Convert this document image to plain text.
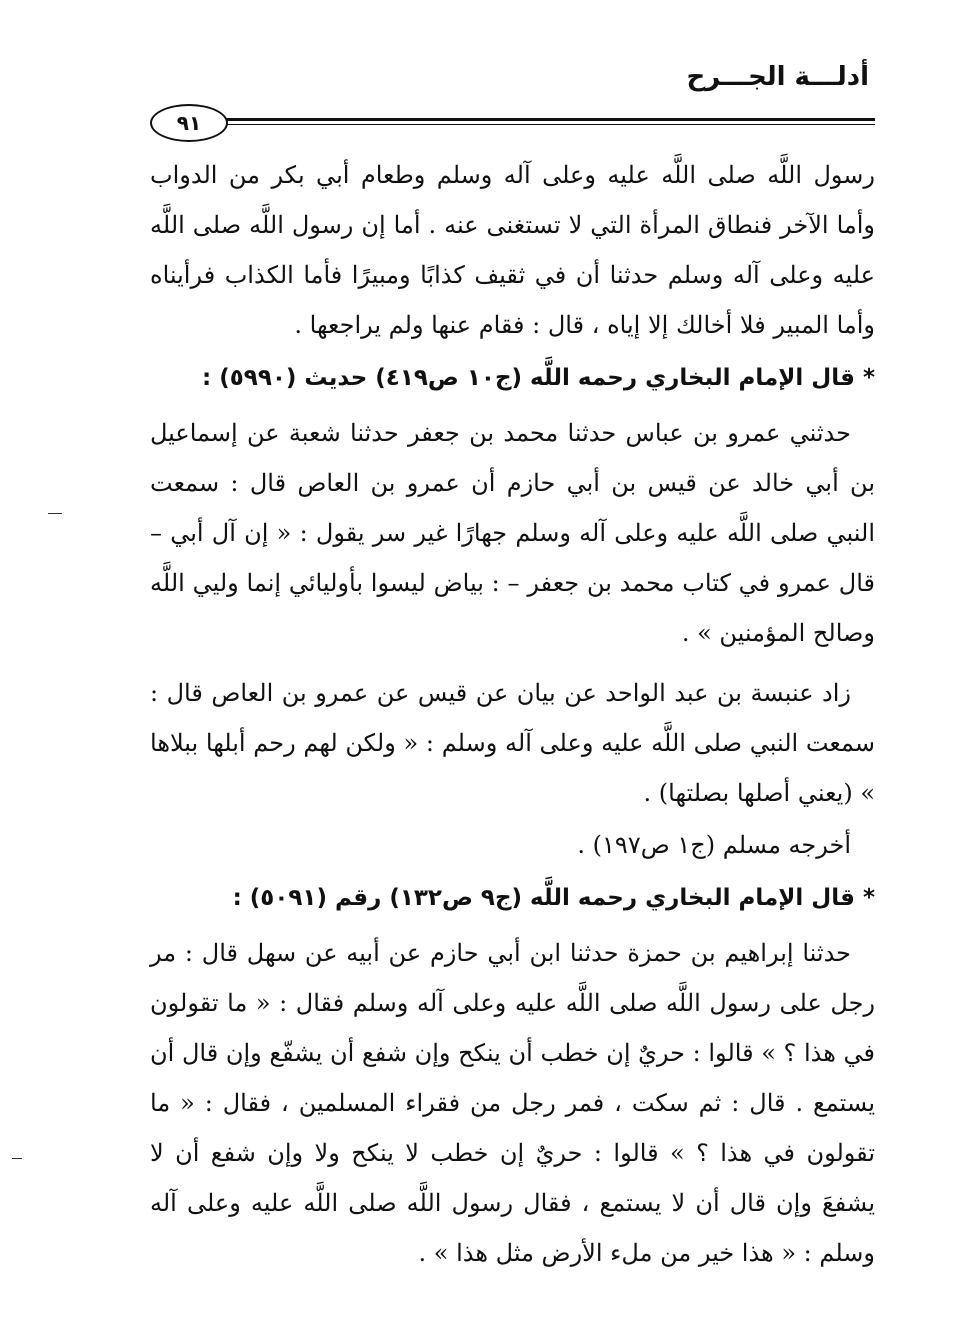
أدلـــة الجـــرح
٩١

رسول اللَّه صلى اللَّه عليه وعلى آله وسلم وطعام أبي بكر من الدواب وأما الآخر فنطاق المرأة التي لا تستغنى عنه . أما إن رسول اللَّه صلى اللَّه عليه وعلى آله وسلم حدثنا أن في ثقيف كذابًا ومبيرًا فأما الكذاب فرأيناه وأما المبير فلا أخالك إلا إياه ، قال : فقام عنها ولم يراجعها .

* قال الإمام البخاري رحمه اللَّه (ج١٠ ص٤١٩) حديث (٥٩٩٠) :

حدثني عمرو بن عباس حدثنا محمد بن جعفر حدثنا شعبة عن إسماعيل بن أبي خالد عن قيس بن أبي حازم أن عمرو بن العاص قال : سمعت النبي صلى اللَّه عليه وعلى آله وسلم جهارًا غير سر يقول : « إن آل أبي – قال عمرو في كتاب محمد بن جعفر – : بياض ليسوا بأوليائي إنما وليي اللَّه وصالح المؤمنين » .

زاد عنبسة بن عبد الواحد عن بيان عن قيس عن عمرو بن العاص قال : سمعت النبي صلى اللَّه عليه وعلى آله وسلم : « ولكن لهم رحم أبلها ببلاها » (يعني أصلها بصلتها) .

أخرجه مسلم (ج١ ص١٩٧) .

* قال الإمام البخاري رحمه اللَّه (ج٩ ص١٣٢) رقم (٥٠٩١) :

حدثنا إبراهيم بن حمزة حدثنا ابن أبي حازم عن أبيه عن سهل قال : مر رجل على رسول اللَّه صلى اللَّه عليه وعلى آله وسلم فقال : « ما تقولون في هذا ؟ » قالوا : حريٌ إن خطب أن ينكح وإن شفع أن يشفّع وإن قال أن يستمع . قال : ثم سكت ، فمر رجل من فقراء المسلمين ، فقال : « ما تقولون في هذا ؟ » قالوا : حريٌ إن خطب لا ينكح ولا وإن شفع أن لا يشفعَ وإن قال أن لا يستمع ، فقال رسول اللَّه صلى اللَّه عليه وعلى آله وسلم : « هذا خير من ملء الأرض مثل هذا » .
